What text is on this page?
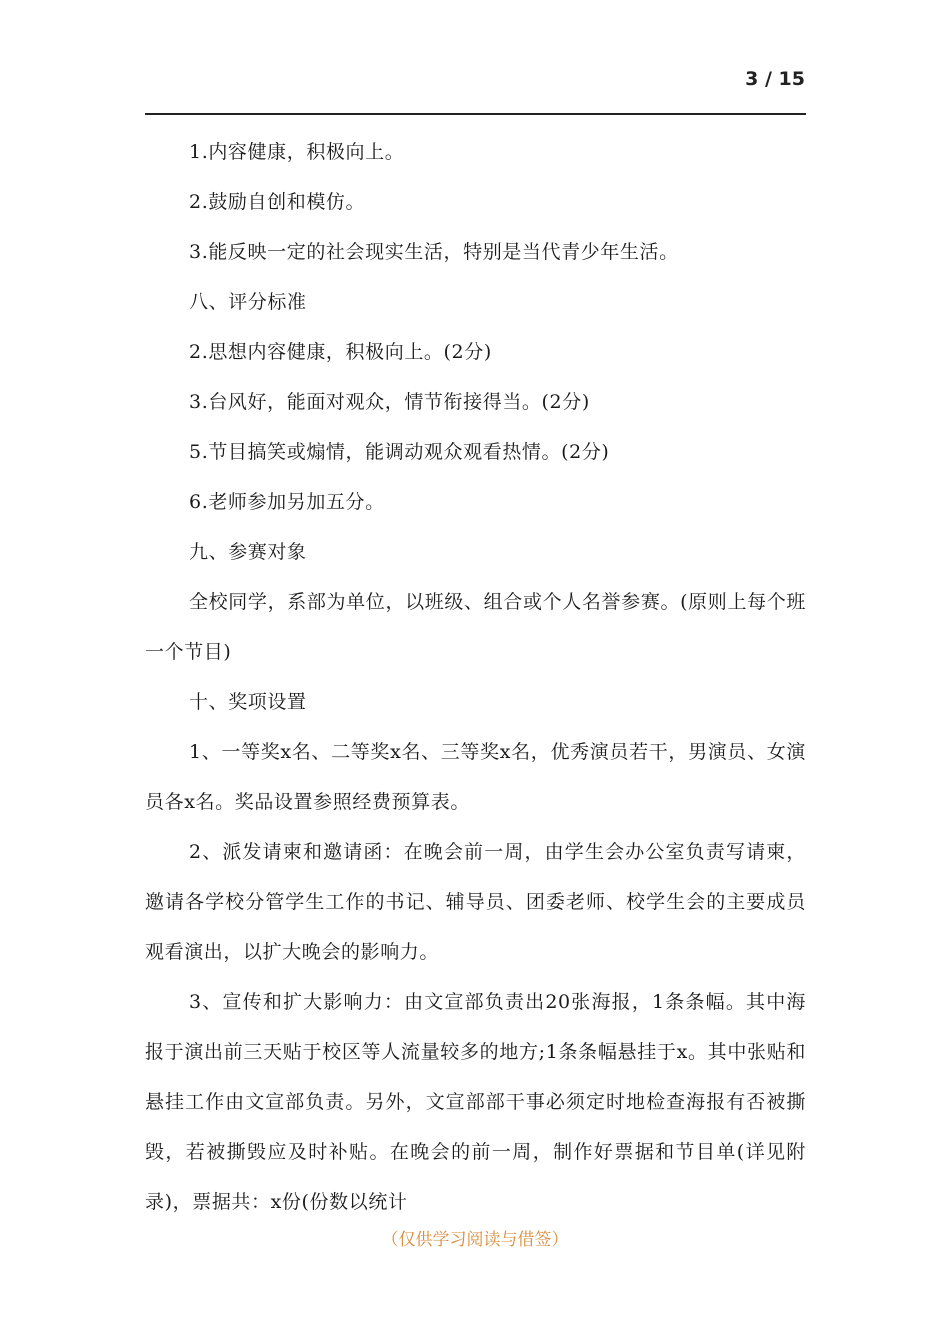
3 / 15

1.内容健康，积极向上。

2.鼓励自创和模仿。

3.能反映一定的社会现实生活，特别是当代青少年生活。

八、评分标准

2.思想内容健康，积极向上。(2分)

3.台风好，能面对观众，情节衔接得当。(2分)

5.节目搞笑或煽情，能调动观众观看热情。(2分)

6.老师参加另加五分。

九、参赛对象

全校同学，系部为单位，以班级、组合或个人名誉参赛。(原则上每个班一个节目)

十、奖项设置

1、一等奖x名、二等奖x名、三等奖x名，优秀演员若干，男演员、女演员各x名。奖品设置参照经费预算表。

2、派发请柬和邀请函：在晚会前一周，由学生会办公室负责写请柬，邀请各学校分管学生工作的书记、辅导员、团委老师、校学生会的主要成员观看演出，以扩大晚会的影响力。

3、宣传和扩大影响力：由文宣部负责出20张海报，1条条幅。其中海报于演出前三天贴于校区等人流量较多的地方;1条条幅悬挂于x。其中张贴和悬挂工作由文宣部负责。另外，文宣部部干事必须定时地检查海报有否被撕毁，若被撕毁应及时补贴。在晚会的前一周，制作好票据和节目单(详见附录)，票据共：x份(份数以统计

（仅供学习阅读与借签）
